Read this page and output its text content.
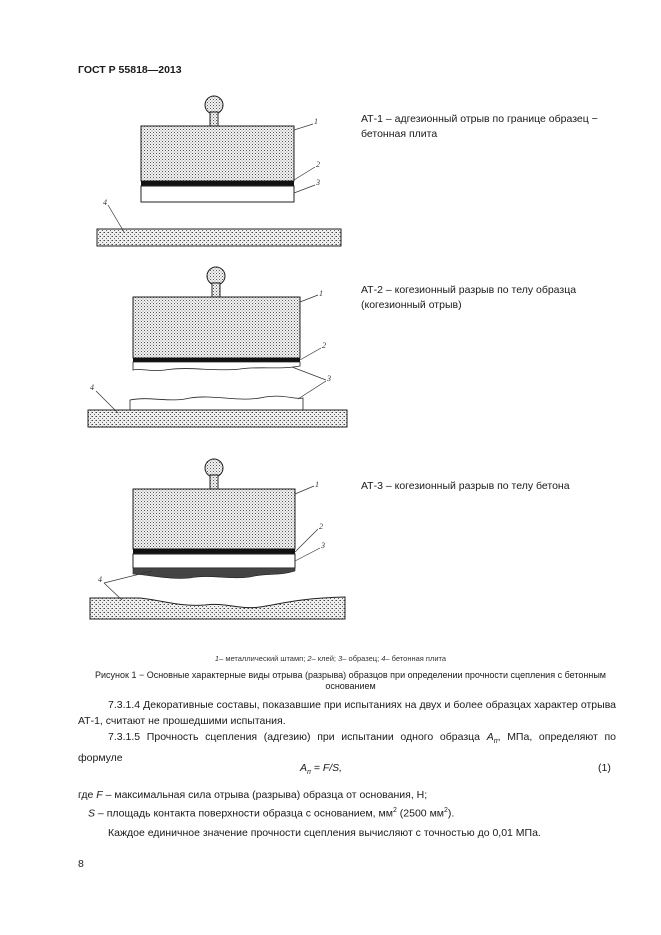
ГОСТ Р 55818—2013
1
2
3
4
1
2
3
4
1
2
3
4
АТ-1 – адгезионный отрыв по границе образец − бетонная плита
АТ-2 – когезионный разрыв по телу образца (когезионный отрыв)
АТ-3 – когезионный разрыв по телу бетона
1– металлический штамп; 2– клей; 3– образец; 4– бетонная плита
Рисунок 1 − Основные характерные виды отрыва (разрыва) образцов при определении прочности сцепления с бетонным основанием
7.3.1.4 Декоративные составы, показавшие при испытаниях на двух и более образцах характер отрыва АТ-1, считают не прошедшими испытания.
7.3.1.5 Прочность сцепления (адгезию) при испытании одного образца $A_п$, МПа, определяют по формуле
$A_п = F/S$,	(1)
где F – максимальная сила отрыва (разрыва) образца от основания, Н;
S – площадь контакта поверхности образца с основанием, $мм^2$ (2500 $мм^2$).
Каждое единичное значение прочности сцепления вычисляют с точностью до 0,01 МПа.
8
